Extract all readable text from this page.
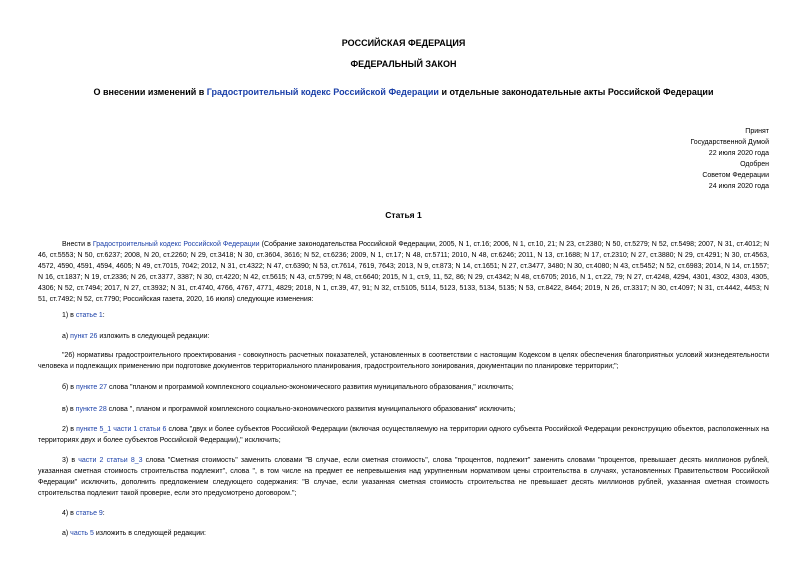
РОССИЙСКАЯ ФЕДЕРАЦИЯ
ФЕДЕРАЛЬНЫЙ ЗАКОН
О внесении изменений в Градостроительный кодекс Российской Федерации и отдельные законодательные акты Российской Федерации
Принят
Государственной Думой
22 июля 2020 года
Одобрен
Советом Федерации
24 июля 2020 года
Статья 1

Внести в Градостроительный кодекс Российской Федерации (Собрание законодательства Российской Федерации, 2005, N 1, ст.16; 2006, N 1, ст.10, 21; N 23, ст.2380; N 50, ст.5279; N 52, ст.5498; 2007, N 31, ст.4012; N 46, ст.5553; N 50, ст.6237; 2008, N 20, ст.2260; N 29, ст.3418; N 30, ст.3604, 3616; N 52, ст.6236; 2009, N 1, ст.17; N 48, ст.5711; 2010, N 48, ст.6246; 2011, N 13, ст.1688; N 17, ст.2310; N 27, ст.3880; N 29, ст.4291; N 30, ст.4563, 4572, 4590, 4591, 4594, 4605; N 49, ст.7015, 7042; 2012, N 31, ст.4322; N 47, ст.6390; N 53, ст.7614, 7619, 7643; 2013, N 9, ст.873; N 14, ст.1651; N 27, ст.3477, 3480; N 30, ст.4080; N 43, ст.5452; N 52, ст.6983; 2014, N 14, ст.1557; N 16, ст.1837; N 19, ст.2336; N 26, ст.3377, 3387; N 30, ст.4220; N 42, ст.5615; N 43, ст.5799; N 48, ст.6640; 2015, N 1, ст.9, 11, 52, 86; N 29, ст.4342; N 48, ст.6705; 2016, N 1, ст.22, 79; N 27, ст.4248, 4294, 4301, 4302, 4303, 4305, 4306; N 52, ст.7494; 2017, N 27, ст.3932; N 31, ст.4740, 4766, 4767, 4771, 4829; 2018, N 1, ст.39, 47, 91; N 32, ст.5105, 5114, 5123, 5133, 5134, 5135; N 53, ст.8422, 8464; 2019, N 26, ст.3317; N 30, ст.4097; N 31, ст.4442, 4453; N 51, ст.7492; N 52, ст.7790; Российская газета, 2020, 16 июля) следующие изменения:

1) в статье 1:

а) пункт 26 изложить в следующей редакции:

"26) нормативы градостроительного проектирования - совокупность расчетных показателей, установленных в соответствии с настоящим Кодексом в целях обеспечения благоприятных условий жизнедеятельности человека и подлежащих применению при подготовке документов территориального планирования, градостроительного зонирования, документации по планировке территории;";

б) в пункте 27 слова "планом и программой комплексного социально-экономического развития муниципального образования," исключить;

в) в пункте 28 слова ", планом и программой комплексного социально-экономического развития муниципального образования" исключить;

2) в пункте 5_1 части 1 статьи 6 слова "двух и более субъектов Российской Федерации (включая осуществляемую на территории одного субъекта Российской Федерации реконструкцию объектов, расположенных на территориях двух и более субъектов Российской Федерации)," исключить;

3) в части 2 статьи 8_3 слова "Сметная стоимость" заменить словами "В случае, если сметная стоимость", слова "процентов, подлежит" заменить словами "процентов, превышает десять миллионов рублей, указанная сметная стоимость строительства подлежит", слова ", в том числе на предмет ее непревышения над укрупненным нормативом цены строительства в случаях, установленных Правительством Российской Федерации" исключить, дополнить предложением следующего содержания: "В случае, если указанная сметная стоимость строительства не превышает десять миллионов рублей, указанная сметная стоимость строительства подлежит такой проверке, если это предусмотрено договором.";

4) в статье 9:

а) часть 5 изложить в следующей редакции:
